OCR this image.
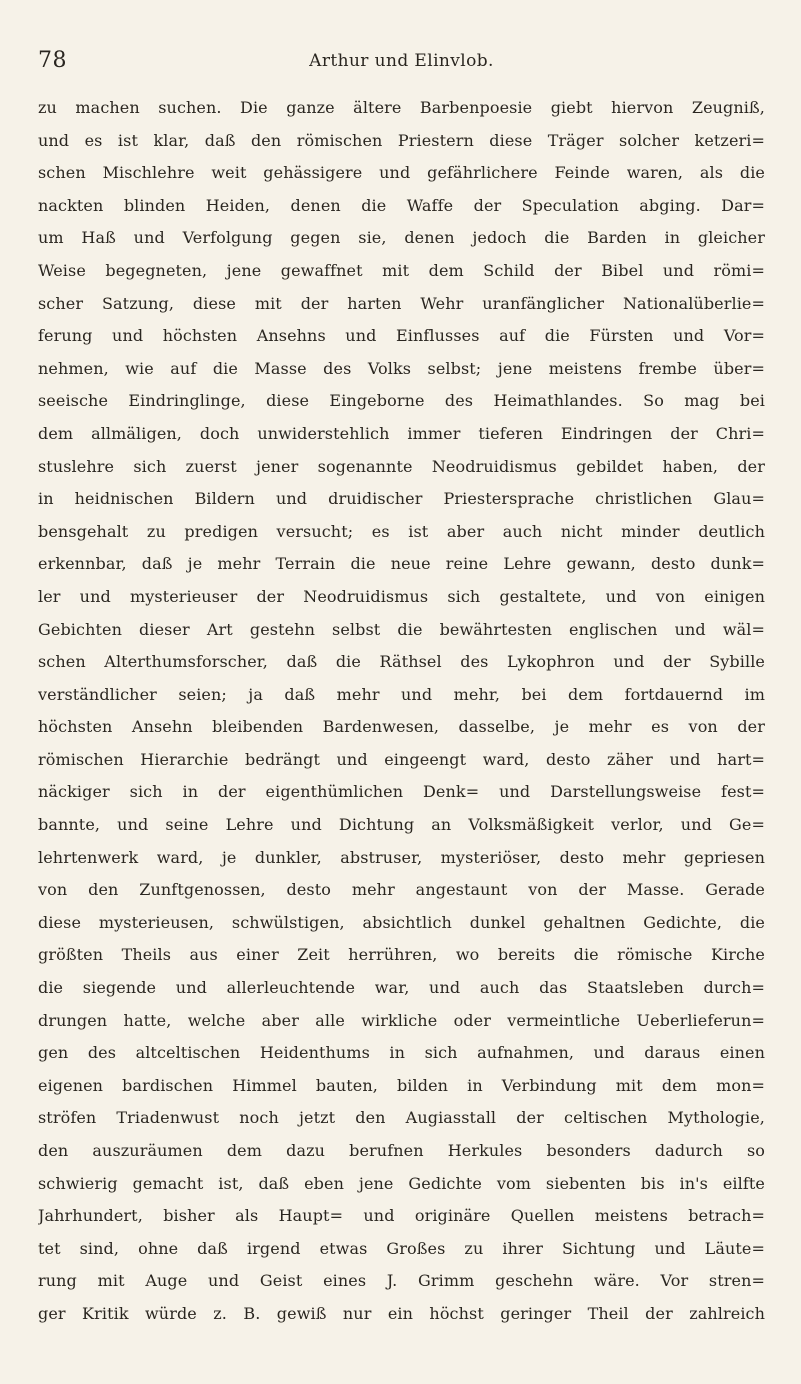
78	Arthur und Elinvlob.
zu machen suchen. Die ganze ältere Barbenpoesie giebt hiervon Zeugniß,
und es ist klar, daß den römischen Priestern diese Träger solcher ketzeri=
schen Mischlehre weit gehässigere und gefährlichere Feinde waren, als die
nackten blinden Heiden, denen die Waffe der Speculation abging. Dar=
um Haß und Verfolgung gegen sie, denen jedoch die Barden in gleicher
Weise begegneten, jene gewaffnet mit dem Schild der Bibel und römi=
scher Satzung, diese mit der harten Wehr uranfänglicher Nationalüberlie=
ferung und höchsten Ansehns und Einflusses auf die Fürsten und Vor=
nehmen, wie auf die Masse des Volks selbst; jene meistens frembe über=
seeische Eindringlinge, diese Eingeborne des Heimathlandes. So mag bei
dem allmäligen, doch unwiderstehlich immer tieferen Eindringen der Chri=
stuslehre sich zuerst jener sogenannte Neodruidismus gebildet haben, der
in heidnischen Bildern und druidischer Priestersprache christlichen Glau=
bensgehalt zu predigen versucht; es ist aber auch nicht minder deutlich
erkennbar, daß je mehr Terrain die neue reine Lehre gewann, desto dunk=
ler und mysterieuser der Neodruidismus sich gestaltete, und von einigen
Gebichten dieser Art gestehn selbst die bewährtesten englischen und wäl=
schen Alterthumsforscher, daß die Räthsel des Lykophron und der Sybille
verständlicher seien; ja daß mehr und mehr, bei dem fortdauernd im
höchsten Ansehn bleibenden Bardenwesen, dasselbe, je mehr es von der
römischen Hierarchie bedrängt und eingeengt ward, desto zäher und hart=
näckiger sich in der eigenthümlichen Denk= und Darstellungsweise fest=
bannte, und seine Lehre und Dichtung an Volksmäßigkeit verlor, und Ge=
lehrtenwerk ward, je dunkler, abstruser, mysteriöser, desto mehr gepriesen
von den Zunftgenossen, desto mehr angestaunt von der Masse. Gerade
diese mysterieusen, schwülstigen, absichtlich dunkel gehaltnen Gedichte, die
größten Theils aus einer Zeit herrühren, wo bereits die römische Kirche
die siegende und allerleuchtende war, und auch das Staatsleben durch=
drungen hatte, welche aber alle wirkliche oder vermeintliche Ueberlieferun=
gen des altceltischen Heidenthums in sich aufnahmen, und daraus einen
eigenen bardischen Himmel bauten, bilden in Verbindung mit dem mon=
ströfen Triadenwust noch jetzt den Augiasstall der celtischen Mythologie,
den auszuräumen dem dazu berufnen Herkules besonders dadurch so
schwierig gemacht ist, daß eben jene Gedichte vom siebenten bis in's eilfte
Jahrhundert, bisher als Haupt= und originäre Quellen meistens betrach=
tet sind, ohne daß irgend etwas Großes zu ihrer Sichtung und Läute=
rung mit Auge und Geist eines J. Grimm geschehn wäre. Vor stren=
ger Kritik würde z. B. gewiß nur ein höchst geringer Theil der zahlreich
